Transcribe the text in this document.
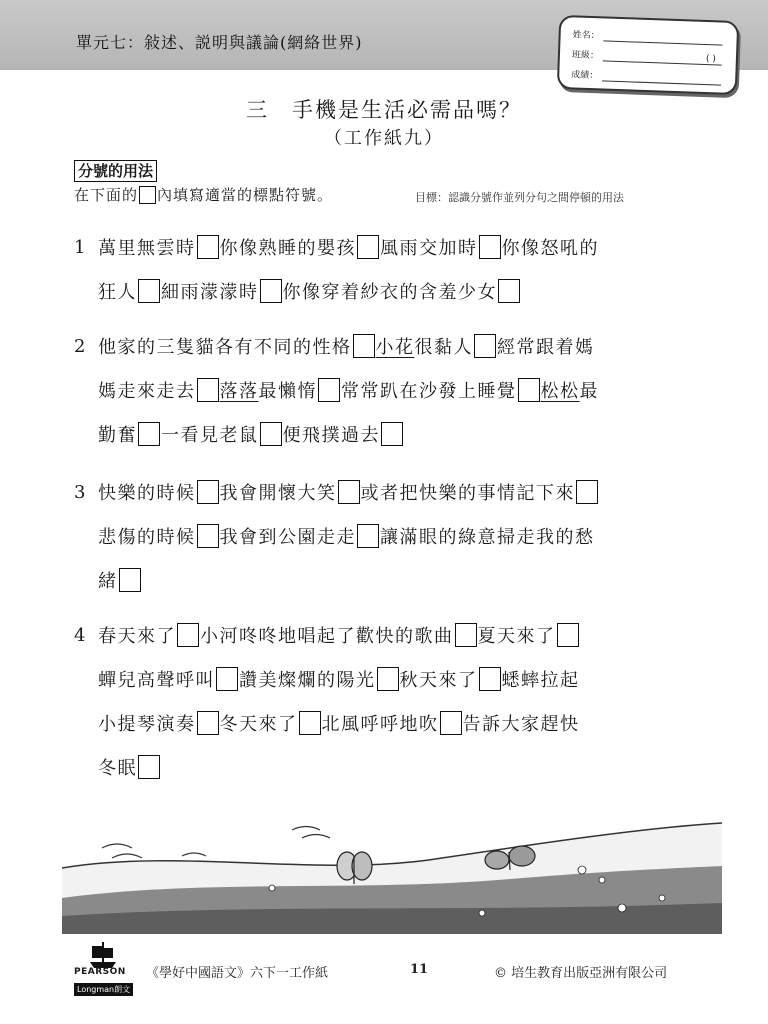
單元七：敍述、説明與議論(網絡世界)	姓名：
班級：	( )
成績：
三　手機是生活必需品嗎？
（工作紙九）
分號的用法
在下面的 內填寫適當的標點符號。	目標：認識分號作並列分句之間停頓的用法
1 萬里無雲時 你像熟睡的嬰孩 風雨交加時 你像怒吼的
狂人 細雨濛濛時 你像穿着紗衣的含羞少女
2 他家的三隻貓各有不同的性格 小花 很黏人 經常跟着媽
媽走來走去 落落 最懶惰 常常趴在沙發上睡覺 松松 最
勤奮 一看見老鼠 便飛撲過去
3 快樂的時候 我會開懷大笑 或者把快樂的事情記下來
悲傷的時候 我會到公園走走 讓滿眼的綠意掃走我的愁
緒
4 春天來了 小河咚咚地唱起了歡快的歌曲 夏天來了
蟬兒高聲呼叫 讚美燦爛的陽光 秋天來了 蟋蟀拉起
小提琴演奏 冬天來了 北風呼呼地吹 告訴大家趕快
冬眠
PEARSON
Longman朗文
《學好中國語文》六下一工作紙	11	© 培生教育出版亞洲有限公司
